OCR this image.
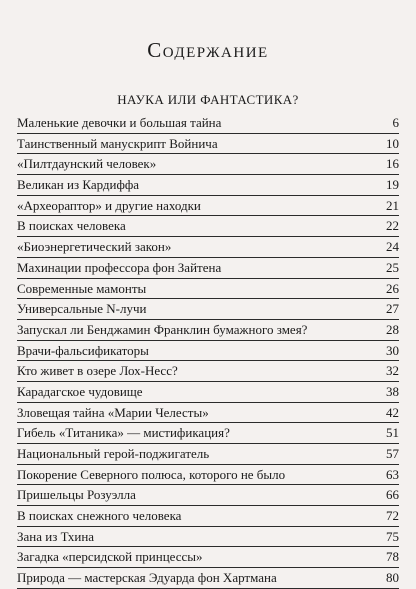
Содержание
НАУКА ИЛИ ФАНТАСТИКА?
Маленькие девочки и большая тайна	6
Таинственный манускрипт Войнича	10
«Пилтдаунский человек»	16
Великан из Кардиффа	19
«Археораптор» и другие находки	21
В поисках человека	22
«Биоэнергетический закон»	24
Махинации профессора фон Зайтена	25
Современные мамонты	26
Универсальные N-лучи	27
Запускал ли Бенджамин Франклин бумажного змея?	28
Врачи-фальсификаторы	30
Кто живет в озере Лох-Несс?	32
Карадагское чудовище	38
Зловещая тайна «Марии Челесты»	42
Гибель «Титаника» — мистификация?	51
Национальный герой-поджигатель	57
Покорение Северного полюса, которого не было	63
Пришельцы Розуэлла	66
В поисках снежного человека	72
Зана из Тхина	75
Загадка «персидской принцессы»	78
Природа — мастерская Эдуарда фон Хартмана	80
